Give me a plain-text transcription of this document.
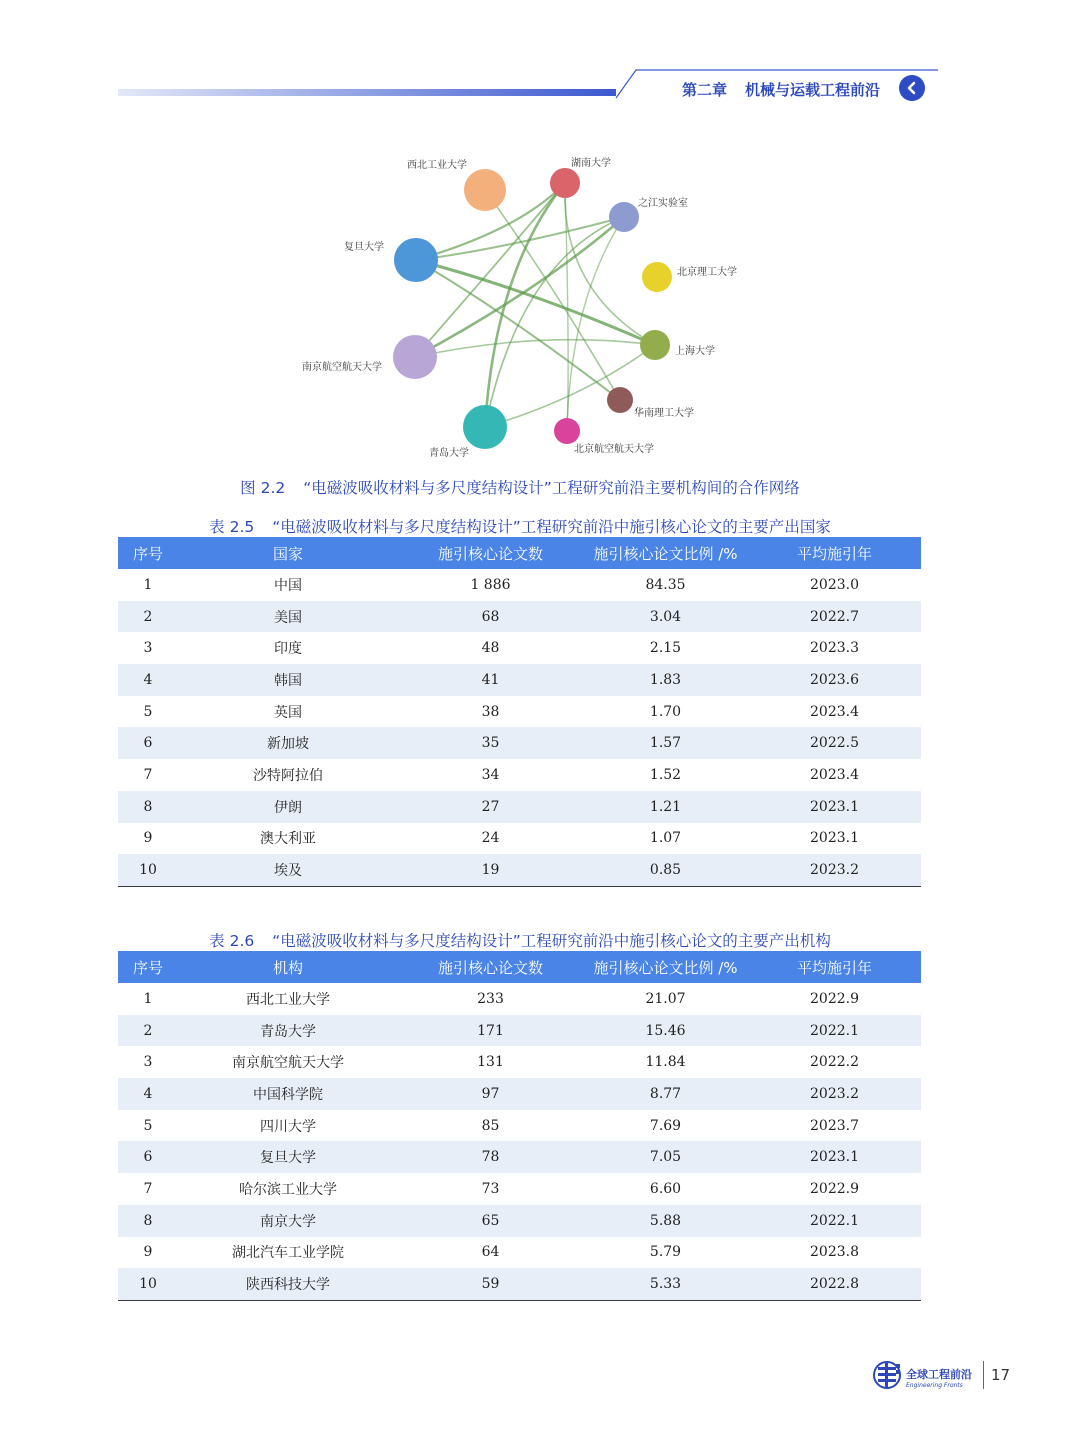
第二章 机械与运载工程前沿
西北工业大学	湖南大学
之江实验室
北京理工大学
上海大学
华南理工大学
北京航空航天大学
青岛大学
南京航空航天大学
复旦大学
图 2.2 “电磁波吸收材料与多尺度结构设计”工程研究前沿主要机构间的合作网络
表 2.5 “电磁波吸收材料与多尺度结构设计”工程研究前沿中施引核心论文的主要产出国家
序号	国家	施引核心论文数	施引核心论文比例 /%	平均施引年
1	中国	1 886	84.35	2023.0
2	美国	68	3.04	2022.7
3	印度	48	2.15	2023.3
4	韩国	41	1.83	2023.6
5	英国	38	1.70	2023.4
6	新加坡	35	1.57	2022.5
7	沙特阿拉伯	34	1.52	2023.4
8	伊朗	27	1.21	2023.1
9	澳大利亚	24	1.07	2023.1
10	埃及	19	0.85	2023.2
表 2.6 “电磁波吸收材料与多尺度结构设计”工程研究前沿中施引核心论文的主要产出机构
序号	机构	施引核心论文数	施引核心论文比例 /%	平均施引年
1	西北工业大学	233	21.07	2022.9
2	青岛大学	171	15.46	2022.1
3	南京航空航天大学	131	11.84	2022.2
4	中国科学院	97	8.77	2023.2
5	四川大学	85	7.69	2023.7
6	复旦大学	78	7.05	2023.1
7	哈尔滨工业大学	73	6.60	2022.9
8	南京大学	65	5.88	2022.1
9	湖北汽车工业学院	64	5.79	2023.8
10	陕西科技大学	59	5.33	2022.8
全球工程前沿
Engineering Fronts
17
